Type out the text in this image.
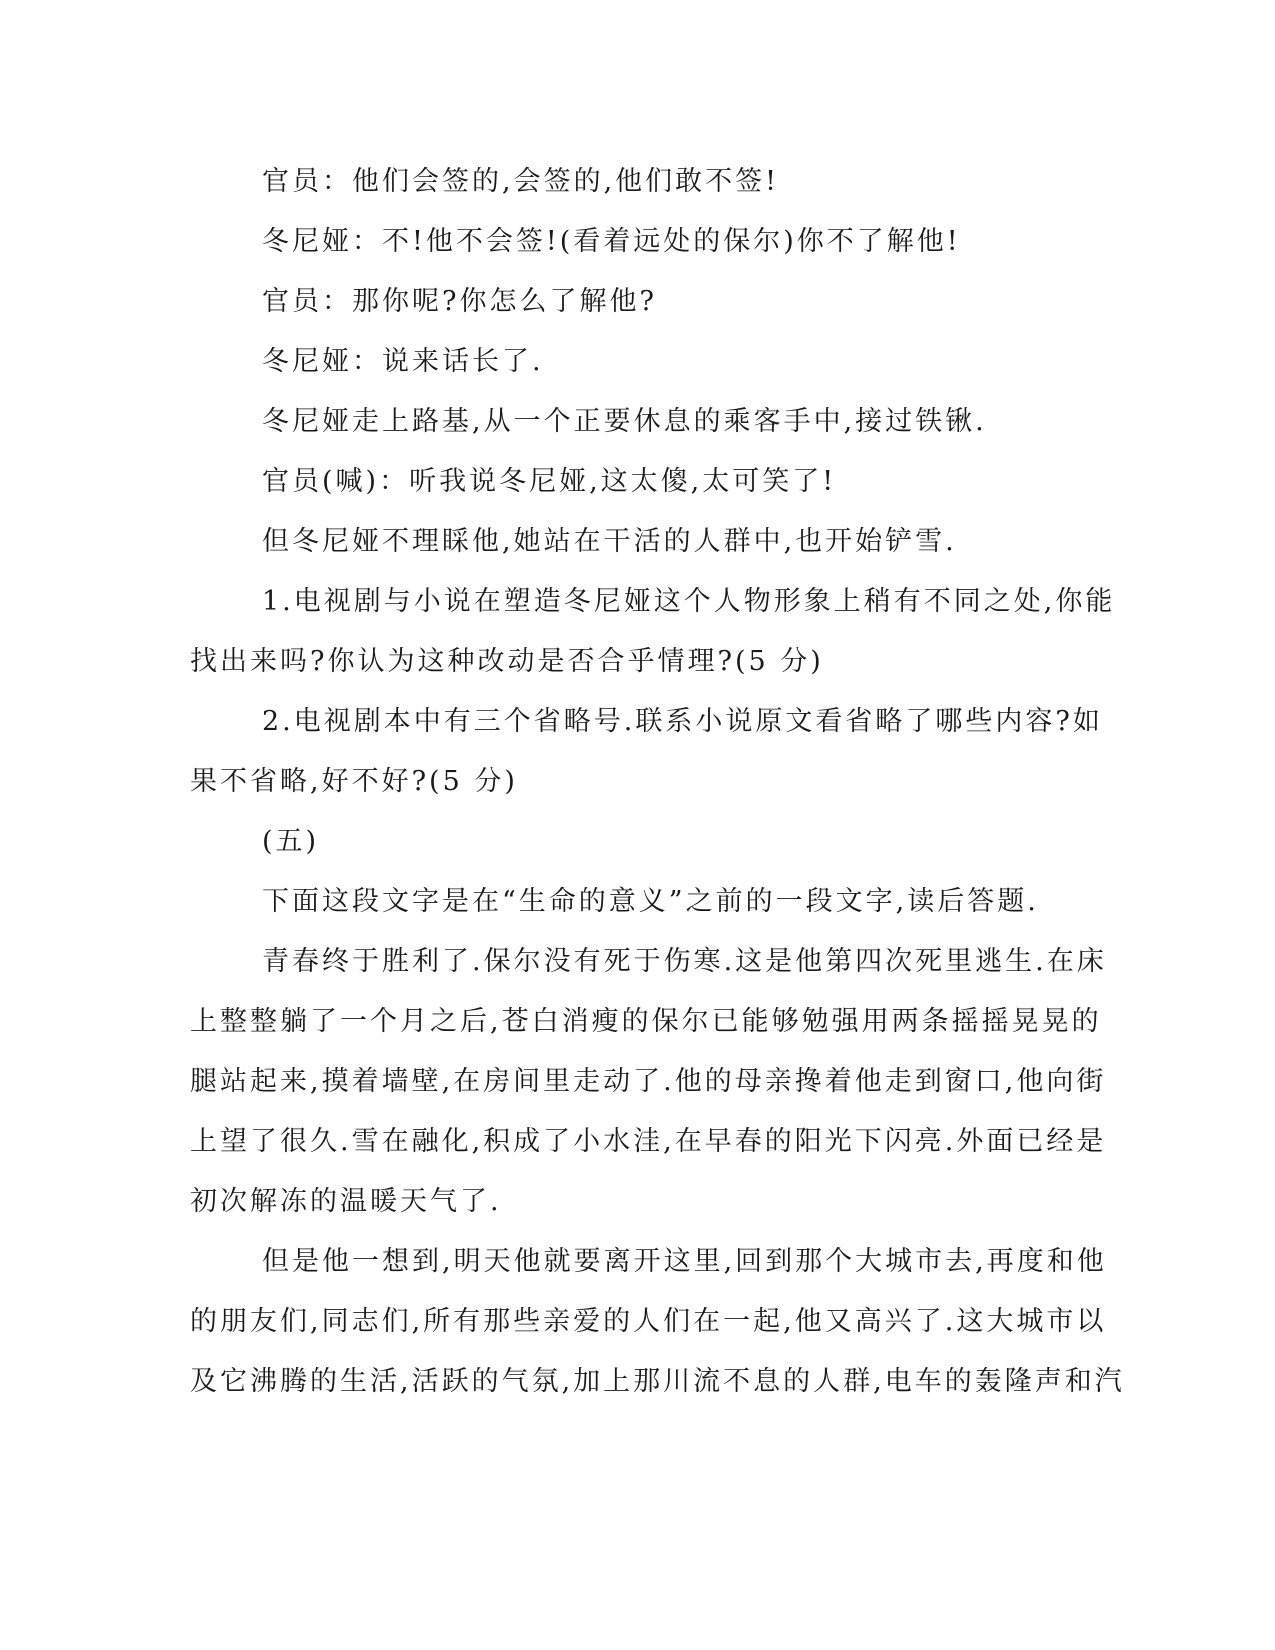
官员：他们会签的,会签的,他们敢不签!

冬尼娅：不!他不会签!(看着远处的保尔)你不了解他!

官员：那你呢?你怎么了解他?

冬尼娅：说来话长了.

冬尼娅走上路基,从一个正要休息的乘客手中,接过铁锹.

官员(喊)：听我说冬尼娅,这太傻,太可笑了!

但冬尼娅不理睬他,她站在干活的人群中,也开始铲雪.

1.电视剧与小说在塑造冬尼娅这个人物形象上稍有不同之处,你能
找出来吗?你认为这种改动是否合乎情理?(5 分)

2.电视剧本中有三个省略号.联系小说原文看省略了哪些内容?如
果不省略,好不好?(5 分)

(五)

下面这段文字是在“生命的意义”之前的一段文字,读后答题.

青春终于胜利了.保尔没有死于伤寒.这是他第四次死里逃生.在床
上整整躺了一个月之后,苍白消瘦的保尔已能够勉强用两条摇摇晃晃的
腿站起来,摸着墙壁,在房间里走动了.他的母亲搀着他走到窗口,他向街
上望了很久.雪在融化,积成了小水洼,在早春的阳光下闪亮.外面已经是
初次解冻的温暖天气了.

但是他一想到,明天他就要离开这里,回到那个大城市去,再度和他
的朋友们,同志们,所有那些亲爱的人们在一起,他又高兴了.这大城市以
及它沸腾的生活,活跃的气氛,加上那川流不息的人群,电车的轰隆声和汽
